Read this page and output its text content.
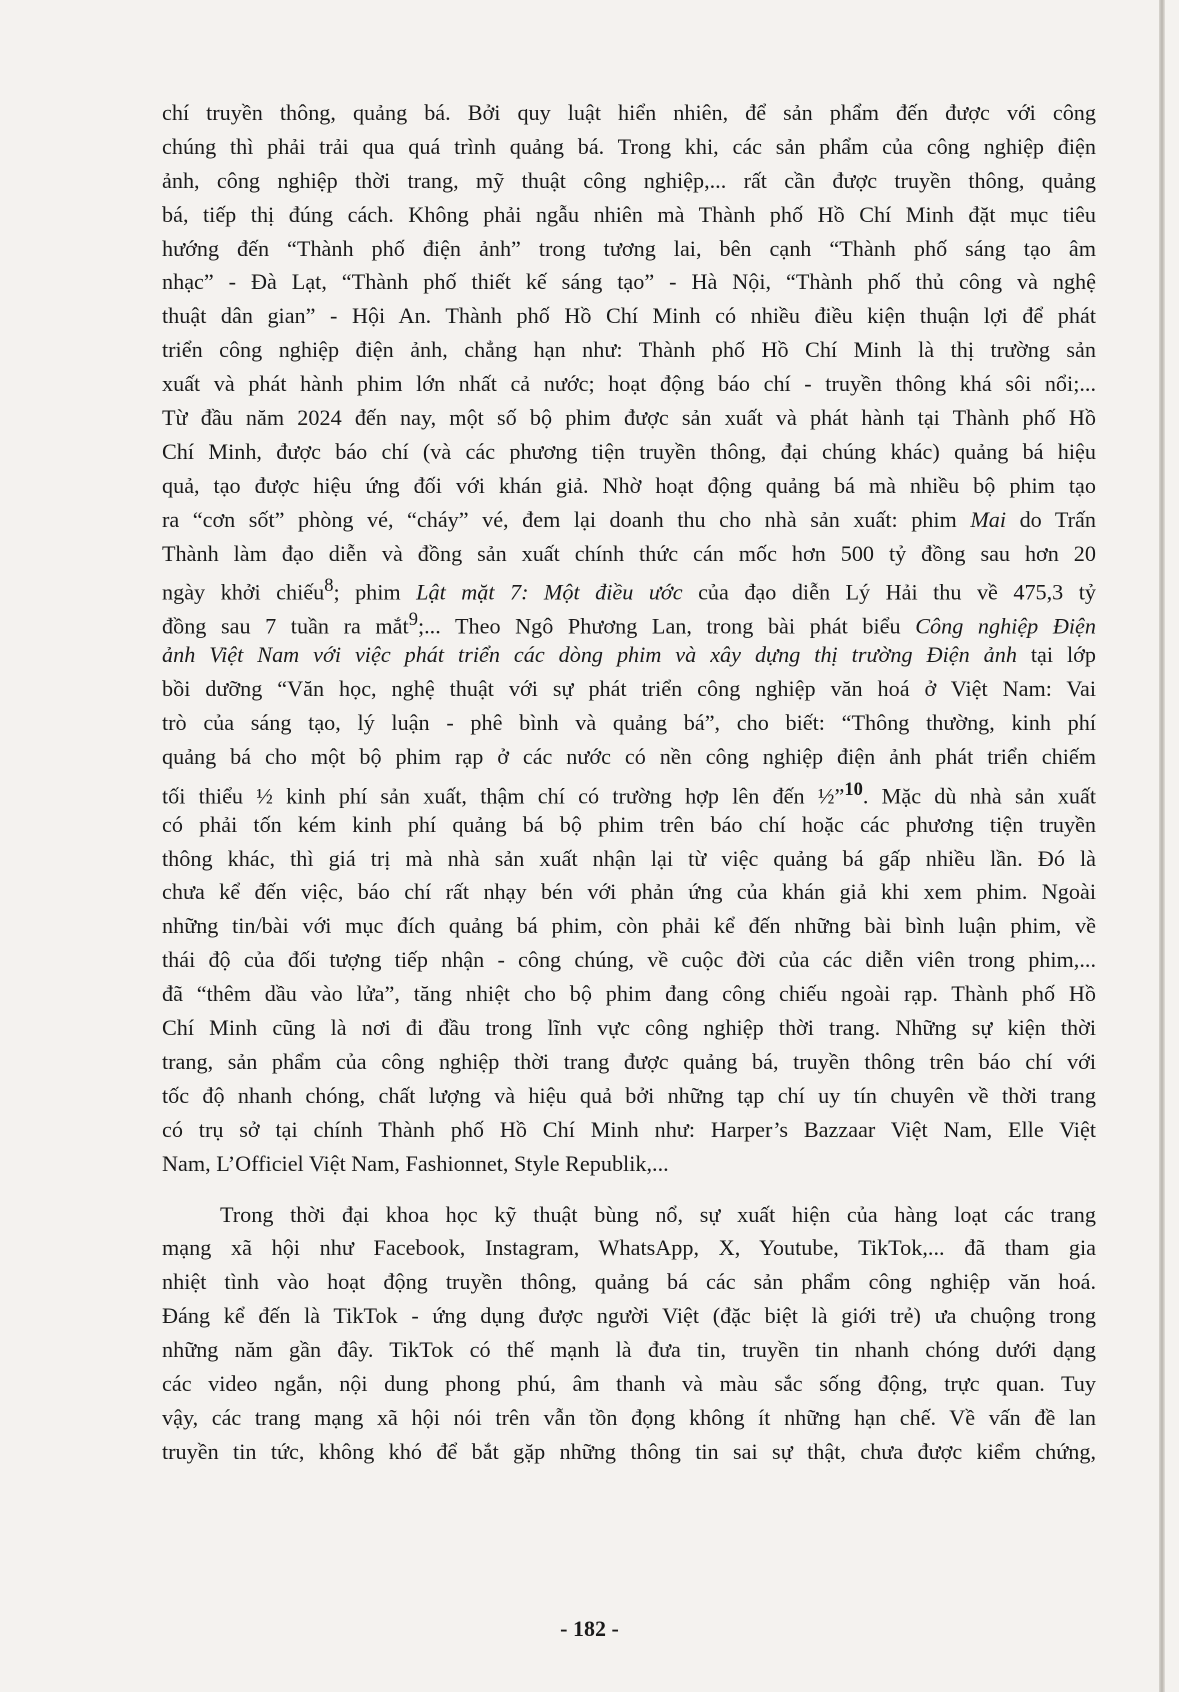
chí truyền thông, quảng bá. Bởi quy luật hiển nhiên, để sản phẩm đến được với công
chúng thì phải trải qua quá trình quảng bá. Trong khi, các sản phẩm của công nghiệp điện
ảnh, công nghiệp thời trang, mỹ thuật công nghiệp,... rất cần được truyền thông, quảng
bá, tiếp thị đúng cách. Không phải ngẫu nhiên mà Thành phố Hồ Chí Minh đặt mục tiêu
hướng đến “Thành phố điện ảnh” trong tương lai, bên cạnh “Thành phố sáng tạo âm
nhạc” - Đà Lạt, “Thành phố thiết kế sáng tạo” - Hà Nội, “Thành phố thủ công và nghệ
thuật dân gian” - Hội An. Thành phố Hồ Chí Minh có nhiều điều kiện thuận lợi để phát
triển công nghiệp điện ảnh, chẳng hạn như: Thành phố Hồ Chí Minh là thị trường sản
xuất và phát hành phim lớn nhất cả nước; hoạt động báo chí - truyền thông khá sôi nổi;...
Từ đầu năm 2024 đến nay, một số bộ phim được sản xuất và phát hành tại Thành phố Hồ
Chí Minh, được báo chí (và các phương tiện truyền thông, đại chúng khác) quảng bá hiệu
quả, tạo được hiệu ứng đối với khán giả. Nhờ hoạt động quảng bá mà nhiều bộ phim tạo
ra “cơn sốt” phòng vé, “cháy” vé, đem lại doanh thu cho nhà sản xuất: phim Mai do Trấn
Thành làm đạo diễn và đồng sản xuất chính thức cán mốc hơn 500 tỷ đồng sau hơn 20
ngày khởi chiếu$^8$; phim Lật mặt 7: Một điều ước của đạo diễn Lý Hải thu về 475,3 tỷ
đồng sau 7 tuần ra mắt$^9$;... Theo Ngô Phương Lan, trong bài phát biểu Công nghiệp Điện
ảnh Việt Nam với việc phát triển các dòng phim và xây dựng thị trường Điện ảnh tại lớp
bồi dưỡng “Văn học, nghệ thuật với sự phát triển công nghiệp văn hoá ở Việt Nam: Vai
trò của sáng tạo, lý luận - phê bình và quảng bá”, cho biết: “Thông thường, kinh phí
quảng bá cho một bộ phim rạp ở các nước có nền công nghiệp điện ảnh phát triển chiếm
tối thiểu ½ kinh phí sản xuất, thậm chí có trường hợp lên đến ½”$^{10}$. Mặc dù nhà sản xuất
có phải tốn kém kinh phí quảng bá bộ phim trên báo chí hoặc các phương tiện truyền
thông khác, thì giá trị mà nhà sản xuất nhận lại từ việc quảng bá gấp nhiều lần. Đó là
chưa kể đến việc, báo chí rất nhạy bén với phản ứng của khán giả khi xem phim. Ngoài
những tin/bài với mục đích quảng bá phim, còn phải kể đến những bài bình luận phim, về
thái độ của đối tượng tiếp nhận - công chúng, về cuộc đời của các diễn viên trong phim,...
đã “thêm dầu vào lửa”, tăng nhiệt cho bộ phim đang công chiếu ngoài rạp. Thành phố Hồ
Chí Minh cũng là nơi đi đầu trong lĩnh vực công nghiệp thời trang. Những sự kiện thời
trang, sản phẩm của công nghiệp thời trang được quảng bá, truyền thông trên báo chí với
tốc độ nhanh chóng, chất lượng và hiệu quả bởi những tạp chí uy tín chuyên về thời trang
có trụ sở tại chính Thành phố Hồ Chí Minh như: Harper’s Bazzaar Việt Nam, Elle Việt
Nam, L’Officiel Việt Nam, Fashionnet, Style Republik,...
Trong thời đại khoa học kỹ thuật bùng nổ, sự xuất hiện của hàng loạt các trang
mạng xã hội như Facebook, Instagram, WhatsApp, X, Youtube, TikTok,... đã tham gia
nhiệt tình vào hoạt động truyền thông, quảng bá các sản phẩm công nghiệp văn hoá.
Đáng kể đến là TikTok - ứng dụng được người Việt (đặc biệt là giới trẻ) ưa chuộng trong
những năm gần đây. TikTok có thế mạnh là đưa tin, truyền tin nhanh chóng dưới dạng
các video ngắn, nội dung phong phú, âm thanh và màu sắc sống động, trực quan. Tuy
vậy, các trang mạng xã hội nói trên vẫn tồn đọng không ít những hạn chế. Về vấn đề lan
truyền tin tức, không khó để bắt gặp những thông tin sai sự thật, chưa được kiểm chứng,
- 182 -
